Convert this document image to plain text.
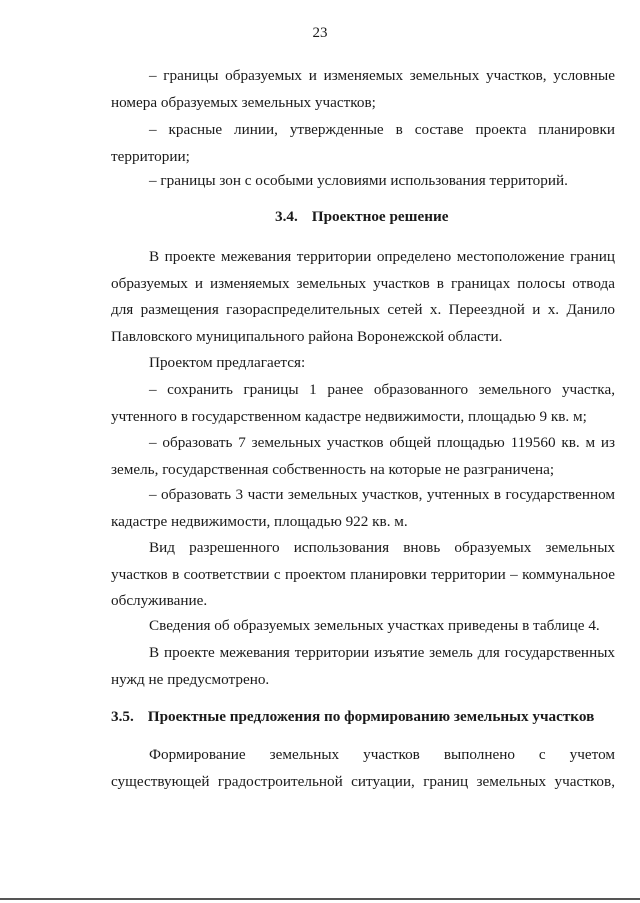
23
– границы образуемых и изменяемых земельных участков, условные номера образуемых земельных участков;
– красные линии, утвержденные в составе проекта планировки территории;
– границы зон с особыми условиями использования территорий.
3.4. Проектное решение
В проекте межевания территории определено местоположение границ образуемых и изменяемых земельных участков в границах полосы отвода для размещения газораспределительных сетей х. Переездной и х. Данило Павловского муниципального района Воронежской области.
Проектом предлагается:
– сохранить границы 1 ранее образованного земельного участка, учтенного в государственном кадастре недвижимости, площадью 9 кв. м;
– образовать 7 земельных участков общей площадью 119560 кв. м из земель, государственная собственность на которые не разграничена;
– образовать 3 части земельных участков, учтенных в государственном кадастре недвижимости, площадью 922 кв. м.
Вид разрешенного использования вновь образуемых земельных участков в соответствии с проектом планировки территории – коммунальное обслуживание.
Сведения об образуемых земельных участках приведены в таблице 4.
В проекте межевания территории изъятие земель для государственных нужд не предусмотрено.
3.5. Проектные предложения по формированию земельных участков
Формирование земельных участков выполнено с учетом существующей градостроительной ситуации, границ земельных участков,
